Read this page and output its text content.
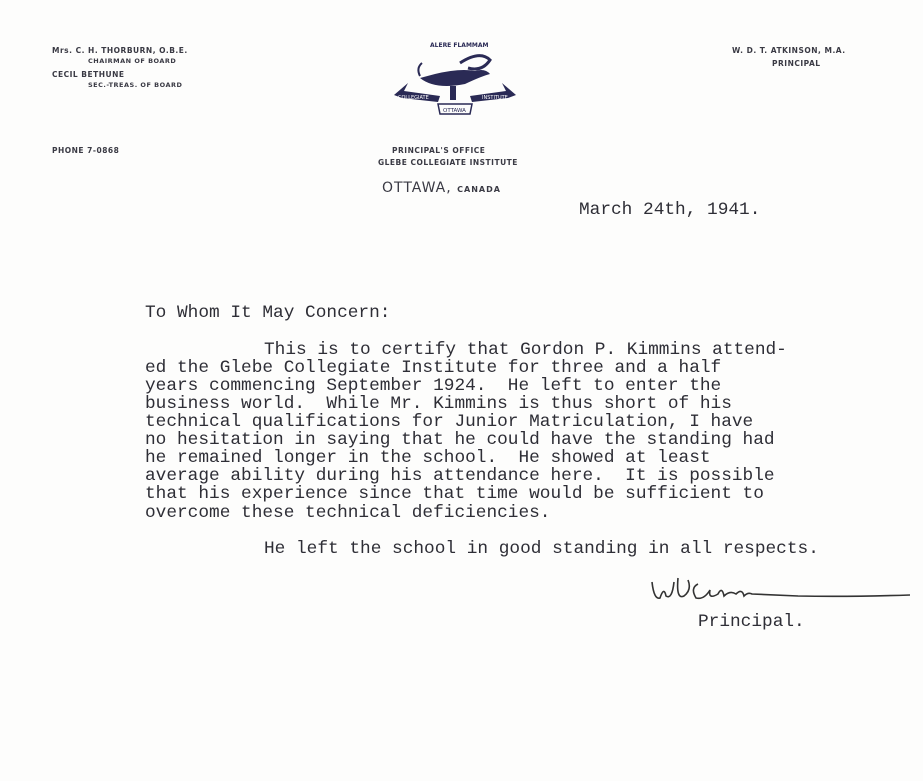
Mrs. C. H. THORBURN, O.B.E.
CHAIRMAN OF BOARD
CECIL BETHUNE
SEC.-TREAS. OF BOARD
PHONE 7-0868
ALERE FLAMMAM
COLLEGIATE	INSTITUTE
OTTAWA
PRINCIPAL'S OFFICE
GLEBE COLLEGIATE INSTITUTE
OTTAWA, CANADA
W. D. T. ATKINSON, M.A.
PRINCIPAL
March 24th, 1941.
To Whom It May Concern:
This is to certify that Gordon P. Kimmins attend-
ed the Glebe Collegiate Institute for three and a half
years commencing September 1924.  He left to enter the
business world.  While Mr. Kimmins is thus short of his
technical qualifications for Junior Matriculation, I have
no hesitation in saying that he could have the standing had
he remained longer in the school.  He showed at least
average ability during his attendance here.  It is possible
that his experience since that time would be sufficient to
overcome these technical deficiencies.
He left the school in good standing in all respects.
Principal.
